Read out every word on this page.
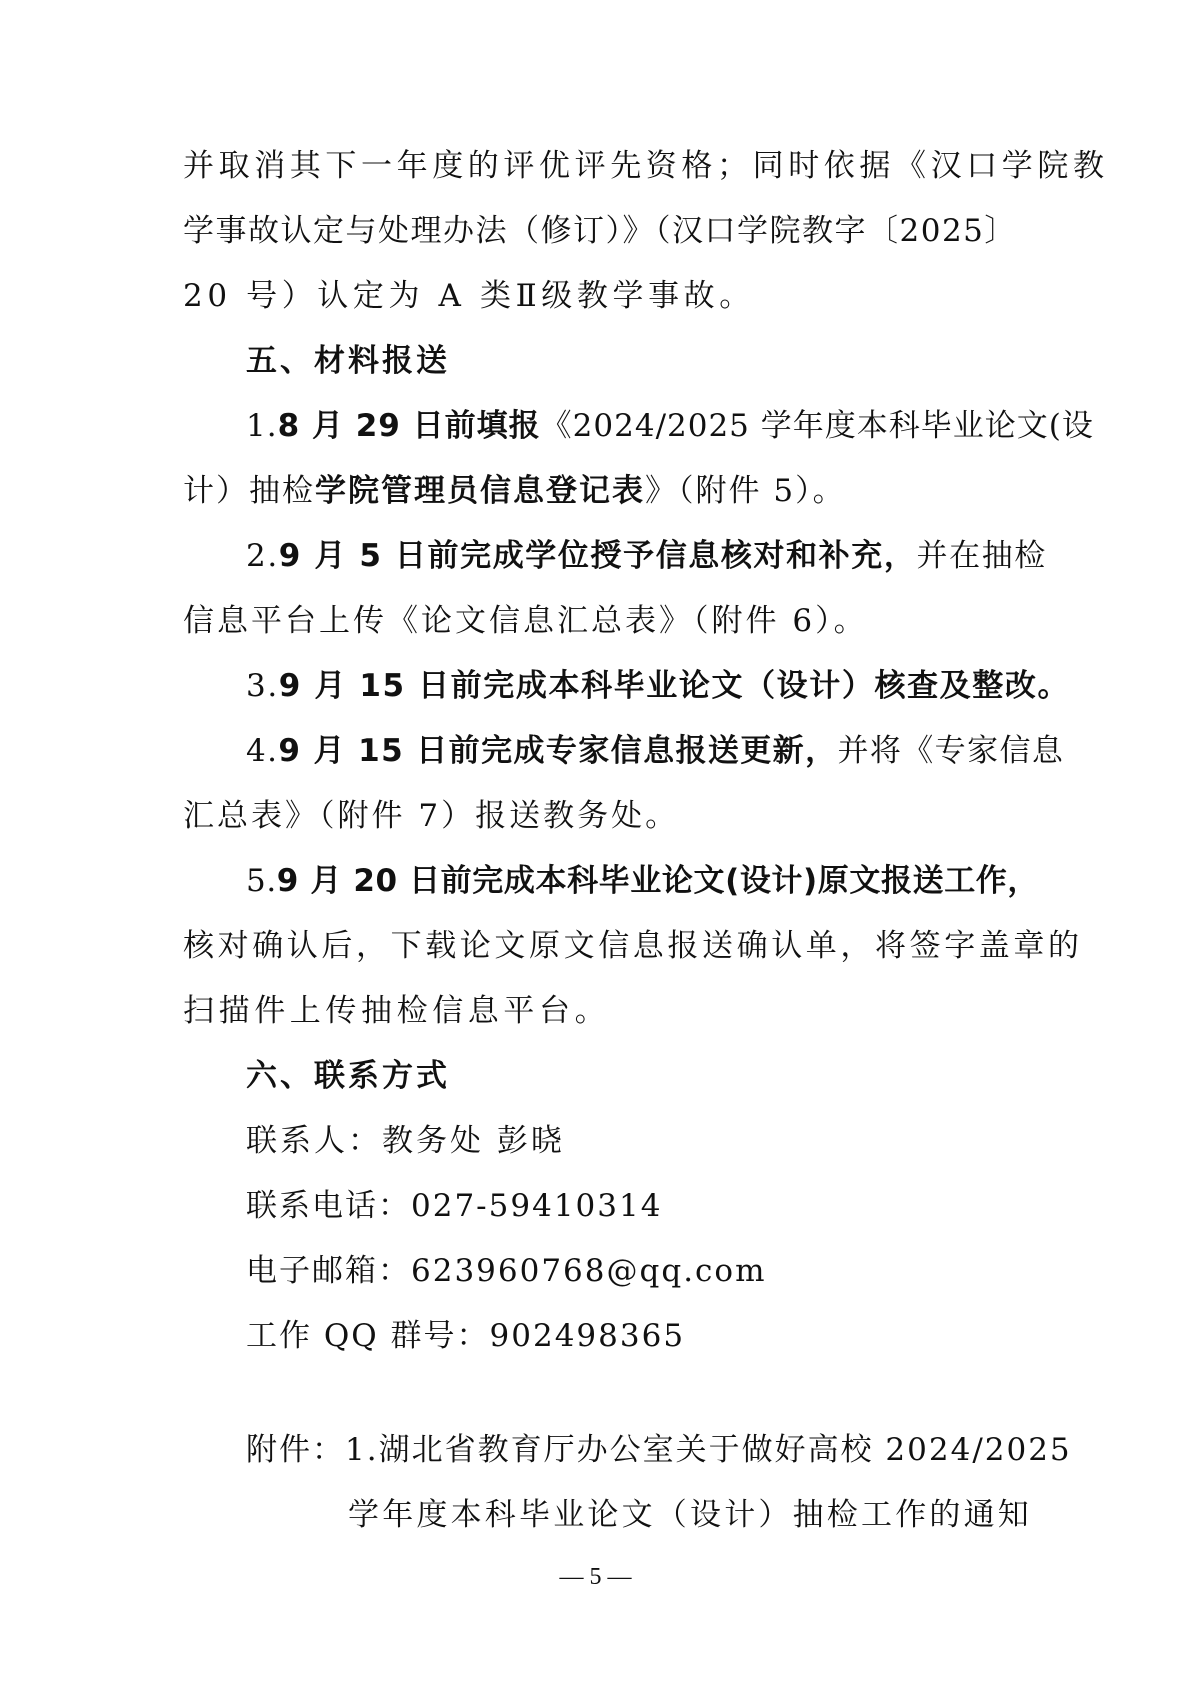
并取消其下一年度的评优评先资格；同时依据《汉口学院教
学事故认定与处理办法（修订）》（汉口学院教字〔2025〕
20 号）认定为 A 类Ⅱ级教学事故。
五、材料报送
1.8 月 29 日前填报《2024/2025 学年度本科毕业论文(设
计）抽检学院管理员信息登记表》（附件 5）。
2.9 月 5 日前完成学位授予信息核对和补充，并在抽检
信息平台上传《论文信息汇总表》（附件 6）。
3.9 月 15 日前完成本科毕业论文（设计）核查及整改。
4.9 月 15 日前完成专家信息报送更新，并将《专家信息
汇总表》（附件 7）报送教务处。
5.9 月 20 日前完成本科毕业论文(设计)原文报送工作，
核对确认后，下载论文原文信息报送确认单，将签字盖章的
扫描件上传抽检信息平台。
六、联系方式
联系人：教务处 彭晓
联系电话：027-59410314
电子邮箱：623960768@qq.com
工作 QQ 群号：902498365
附件：1.湖北省教育厅办公室关于做好高校 2024/2025
学年度本科毕业论文（设计）抽检工作的通知
— 5 —
